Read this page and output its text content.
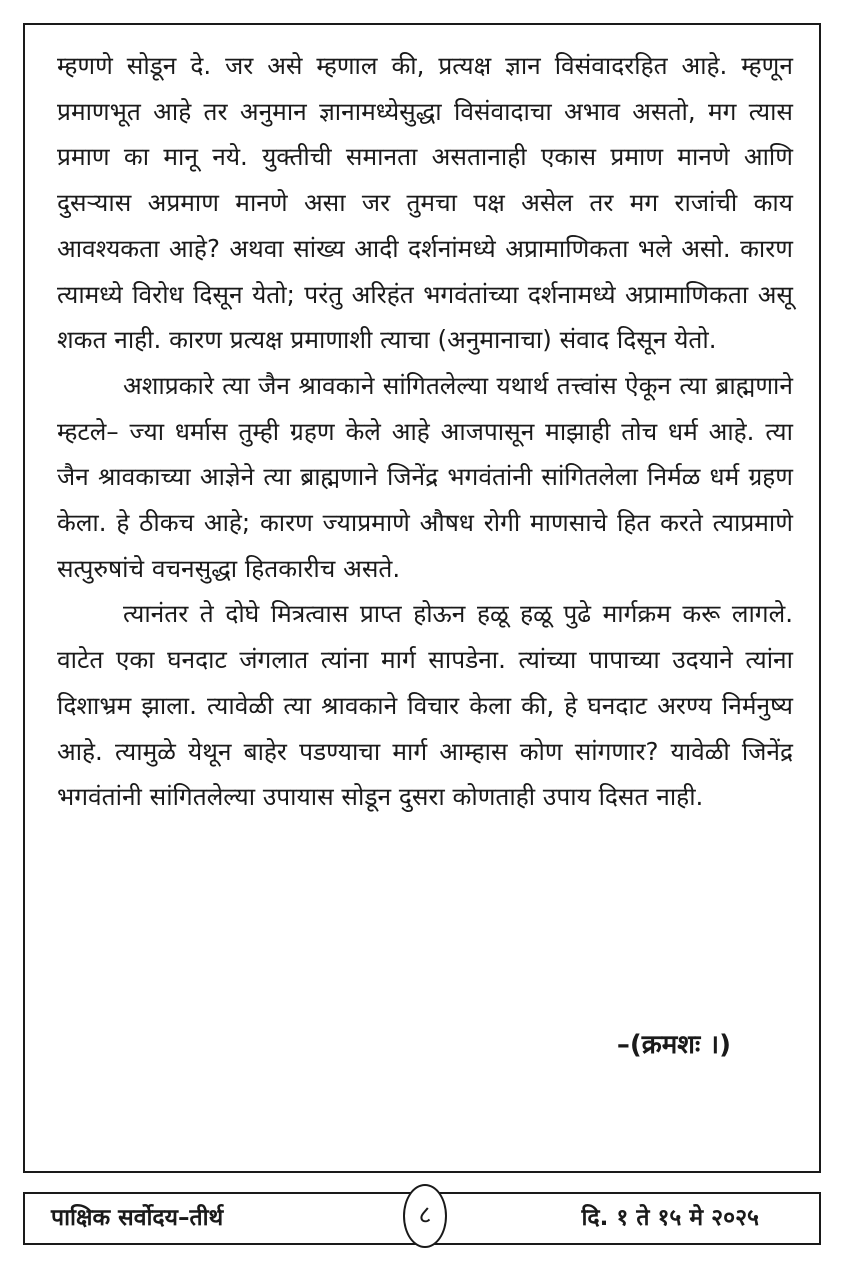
म्हणणे सोडून दे. जर असे म्हणाल की, प्रत्यक्ष ज्ञान विसंवादरहित आहे. म्हणून प्रमाणभूत आहे तर अनुमान ज्ञानामध्येसुद्धा विसंवादाचा अभाव असतो, मग त्यास प्रमाण का मानू नये. युक्तीची समानता असतानाही एकास प्रमाण मानणे आणि दुसऱ्यास अप्रमाण मानणे असा जर तुमचा पक्ष असेल तर मग राजांची काय आवश्यकता आहे? अथवा सांख्य आदी दर्शनांमध्ये अप्रामाणिकता भले असो. कारण त्यामध्ये विरोध दिसून येतो; परंतु अरिहंत भगवंतांच्या दर्शनामध्ये अप्रामाणिकता असू शकत नाही. कारण प्रत्यक्ष प्रमाणाशी त्याचा (अनुमानाचा) संवाद दिसून येतो.

अशाप्रकारे त्या जैन श्रावकाने सांगितलेल्या यथार्थ तत्त्वांस ऐकून त्या ब्राह्मणाने म्हटले– ज्या धर्मास तुम्ही ग्रहण केले आहे आजपासून माझाही तोच धर्म आहे. त्या जैन श्रावकाच्या आज्ञेने त्या ब्राह्मणाने जिनेंद्र भगवंतांनी सांगितलेला निर्मळ धर्म ग्रहण केला. हे ठीकच आहे; कारण ज्याप्रमाणे औषध रोगी माणसाचे हित करते त्याप्रमाणे सत्पुरुषांचे वचनसुद्धा हितकारीच असते.

त्यानंतर ते दोघे मित्रत्वास प्राप्त होऊन हळू हळू पुढे मार्गक्रम करू लागले. वाटेत एका घनदाट जंगलात त्यांना मार्ग सापडेना. त्यांच्या पापाच्या उदयाने त्यांना दिशाभ्रम झाला. त्यावेळी त्या श्रावकाने विचार केला की, हे घनदाट अरण्य निर्मनुष्य आहे. त्यामुळे येथून बाहेर पडण्याचा मार्ग आम्हास कोण सांगणार? यावेळी जिनेंद्र भगवंतांनी सांगितलेल्या उपायास सोडून दुसरा कोणताही उपाय दिसत नाही.

–(क्रमशः ।)
पाक्षिक सर्वोदय–तीर्थ	८	दि. १ ते १५ मे २०२५
